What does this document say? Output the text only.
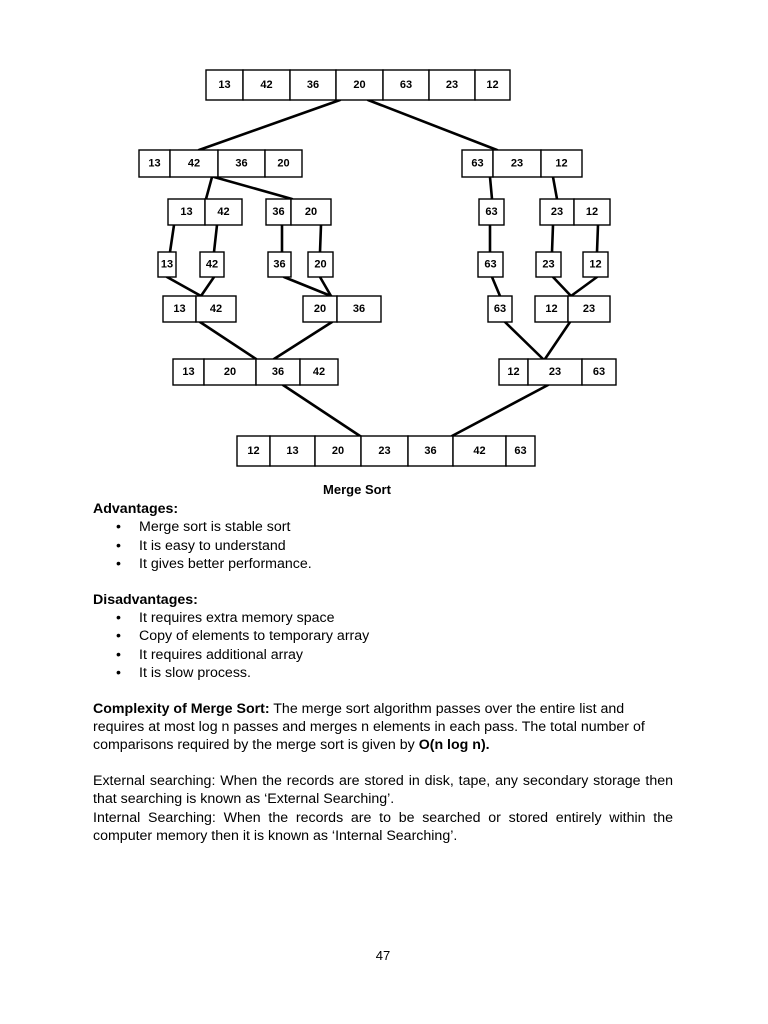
13	42	36	20	63	23	12
13 42	36	20	63 23	12
13 42	36 20	63	23 12
13	42	36	20	63	23	12
13 42	20 36	63	12 23
13	20	36	42	12	23	63
12 13	20	23	36	42	63
Merge Sort
Advantages:
• Merge sort is stable sort
• It is easy to understand
• It gives better performance.
Disadvantages:
• It requires extra memory space
• Copy of elements to temporary array
• It requires additional array
• It is slow process.
Complexity of Merge Sort: The merge sort algorithm passes over the entire list and requires at most log n passes and merges n elements in each pass. The total number of comparisons required by the merge sort is given by O(n log n).
External searching: When the records are stored in disk, tape, any secondary storage then that searching is known as ‘External Searching’.
Internal Searching: When the records are to be searched or stored entirely within the computer memory then it is known as ‘Internal Searching’.
47
